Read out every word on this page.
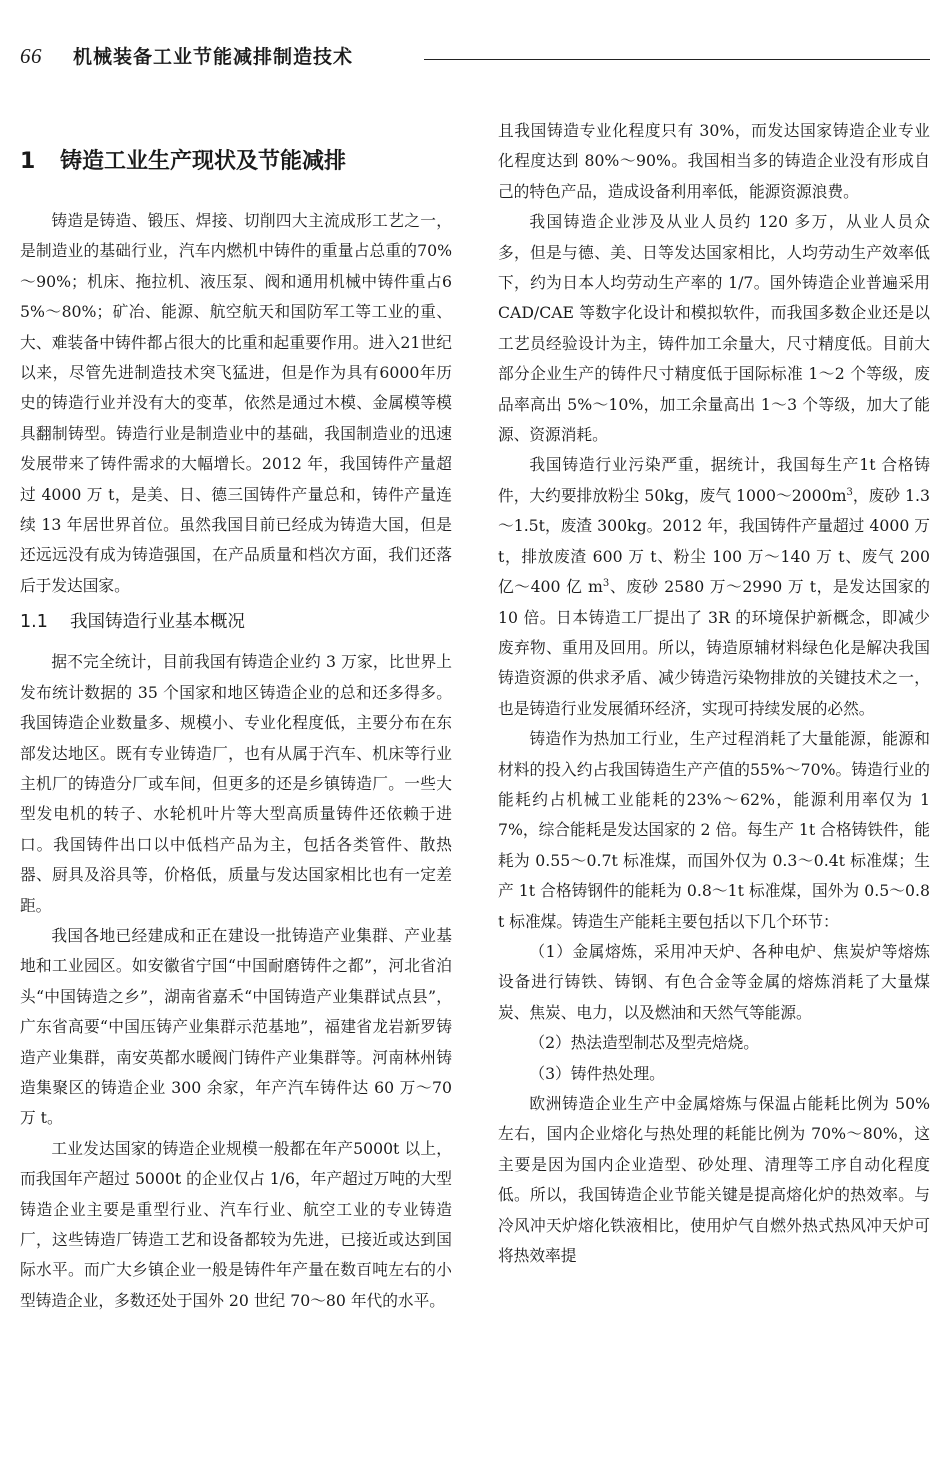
66 机械装备工业节能减排制造技术

1 铸造工业生产现状及节能减排

铸造是铸造、锻压、焊接、切削四大主流成形工艺之一，是制造业的基础行业，汽车内燃机中铸件的重量占总重的70%～90%；机床、拖拉机、液压泵、阀和通用机械中铸件重占65%～80%；矿冶、能源、航空航天和国防军工等工业的重、大、难装备中铸件都占很大的比重和起重要作用。进入21世纪以来，尽管先进制造技术突飞猛进，但是作为具有6000年历史的铸造行业并没有大的变革，依然是通过木模、金属模等模具翻制铸型。铸造行业是制造业中的基础，我国制造业的迅速发展带来了铸件需求的大幅增长。2012 年，我国铸件产量超过 4000 万 t，是美、日、德三国铸件产量总和，铸件产量连续 13 年居世界首位。虽然我国目前已经成为铸造大国，但是还远远没有成为铸造强国，在产品质量和档次方面，我们还落后于发达国家。

1.1 我国铸造行业基本概况

据不完全统计，目前我国有铸造企业约 3 万家，比世界上发布统计数据的 35 个国家和地区铸造企业的总和还多得多。我国铸造企业数量多、规模小、专业化程度低，主要分布在东部发达地区。既有专业铸造厂，也有从属于汽车、机床等行业主机厂的铸造分厂或车间，但更多的还是乡镇铸造厂。一些大型发电机的转子、水轮机叶片等大型高质量铸件还依赖于进口。我国铸件出口以中低档产品为主，包括各类管件、散热器、厨具及浴具等，价格低，质量与发达国家相比也有一定差距。

我国各地已经建成和正在建设一批铸造产业集群、产业基地和工业园区。如安徽省宁国“中国耐磨铸件之都”，河北省泊头“中国铸造之乡”，湖南省嘉禾“中国铸造产业集群试点县”，广东省高要“中国压铸产业集群示范基地”，福建省龙岩新罗铸造产业集群，南安英都水暖阀门铸件产业集群等。河南林州铸造集聚区的铸造企业 300 余家，年产汽车铸件达 60 万～70 万 t。

工业发达国家的铸造企业规模一般都在年产5000t 以上，而我国年产超过 5000t 的企业仅占 1/6，年产超过万吨的大型铸造企业主要是重型行业、汽车行业、航空工业的专业铸造厂，这些铸造厂铸造工艺和设备都较为先进，已接近或达到国际水平。而广大乡镇企业一般是铸件年产量在数百吨左右的小型铸造企业，多数还处于国外 20 世纪 70～80 年代的水平。

且我国铸造专业化程度只有 30%，而发达国家铸造企业专业化程度达到 80%～90%。我国相当多的铸造企业没有形成自己的特色产品，造成设备利用率低，能源资源浪费。

我国铸造企业涉及从业人员约 120 多万，从业人员众多，但是与德、美、日等发达国家相比，人均劳动生产效率低下，约为日本人均劳动生产率的 1/7。国外铸造企业普遍采用 CAD/CAE 等数字化设计和模拟软件，而我国多数企业还是以工艺员经验设计为主，铸件加工余量大，尺寸精度低。目前大部分企业生产的铸件尺寸精度低于国际标准 1～2 个等级，废品率高出 5%～10%，加工余量高出 1～3 个等级，加大了能源、资源消耗。

我国铸造行业污染严重，据统计，我国每生产1t 合格铸件，大约要排放粉尘 50kg，废气 $1000\sim 2000m^3$，废砂 1.3～1.5t，废渣 300kg。2012 年，我国铸件产量超过 4000 万 t，排放废渣 600 万 t、粉尘 100 万～140 万 t、废气 200 亿～400 亿 $m^3$、废砂 2580 万～2990 万 t，是发达国家的 10 倍。日本铸造工厂提出了 3R 的环境保护新概念，即减少废弃物、重用及回用。所以，铸造原辅材料绿色化是解决我国铸造资源的供求矛盾、减少铸造污染物排放的关键技术之一，也是铸造行业发展循环经济，实现可持续发展的必然。

铸造作为热加工行业，生产过程消耗了大量能源，能源和材料的投入约占我国铸造生产产值的55%～70%。铸造行业的能耗约占机械工业能耗的23%～62%，能源利用率仅为 17%，综合能耗是发达国家的 2 倍。每生产 1t 合格铸铁件，能耗为 0.55～0.7t 标准煤，而国外仅为 0.3～0.4t 标准煤；生产 1t 合格铸钢件的能耗为 0.8～1t 标准煤，国外为 0.5～0.8t 标准煤。铸造生产能耗主要包括以下几个环节：

（1）金属熔炼，采用冲天炉、各种电炉、焦炭炉等熔炼设备进行铸铁、铸钢、有色合金等金属的熔炼消耗了大量煤炭、焦炭、电力，以及燃油和天然气等能源。

（2）热法造型制芯及型壳焙烧。

（3）铸件热处理。

欧洲铸造企业生产中金属熔炼与保温占能耗比例为 50%左右，国内企业熔化与热处理的耗能比例为 70%～80%，这主要是因为国内企业造型、砂处理、清理等工序自动化程度低。所以，我国铸造企业节能关键是提高熔化炉的热效率。与冷风冲天炉熔化铁液相比，使用炉气自燃外热式热风冲天炉可将热效率提
